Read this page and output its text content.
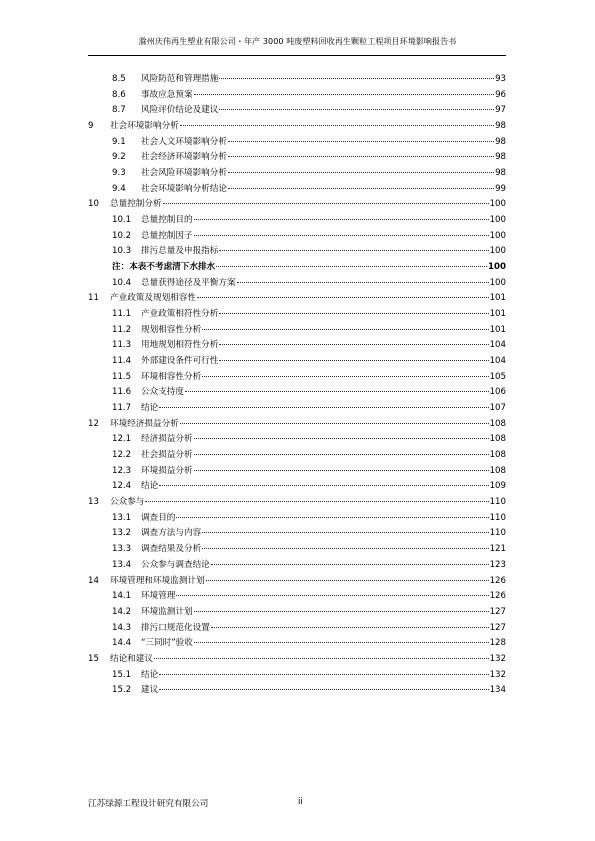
滁州庆伟再生塑业有限公司・年产 3000 吨废塑料回收再生颗粒工程项目环境影响报告书
8.5	风险防范和管理措施	93
8.6	事故应急预案	96
8.7	风险评价结论及建议	97
9	社会环境影响分析	98
9.1	社会人文环境影响分析	98
9.2	社会经济环境影响分析	98
9.3	社会风险环境影响分析	98
9.4	社会环境影响分析结论	99
10	总量控制分析	100
10.1	总量控制目的	100
10.2	总量控制因子	100
10.3	排污总量及申报指标	100
注：本表不考虑清下水排水	100
10.4	总量获得途径及平衡方案	100
11	产业政策及规划相容性	101
11.1	产业政策相符性分析	101
11.2	规划相容性分析	101
11.3	用地规划相符性分析	104
11.4	外部建设条件可行性	104
11.5	环境相容性分析	105
11.6	公众支持度	106
11.7	结论	107
12	环境经济损益分析	108
12.1	经济损益分析	108
12.2	社会损益分析	108
12.3	环境损益分析	108
12.4	结论	109
13	公众参与	110
13.1	调查目的	110
13.2	调查方法与内容	110
13.3	调查结果及分析	121
13.4	公众参与调查结论	123
14	环境管理和环境监测计划	126
14.1	环境管理	126
14.2	环境监测计划	127
14.3	排污口规范化设置	127
14.4	“三同时”验收	128
15	结论和建议	132
15.1	结论	132
15.2	建议	134
江苏绿源工程设计研究有限公司	ii
